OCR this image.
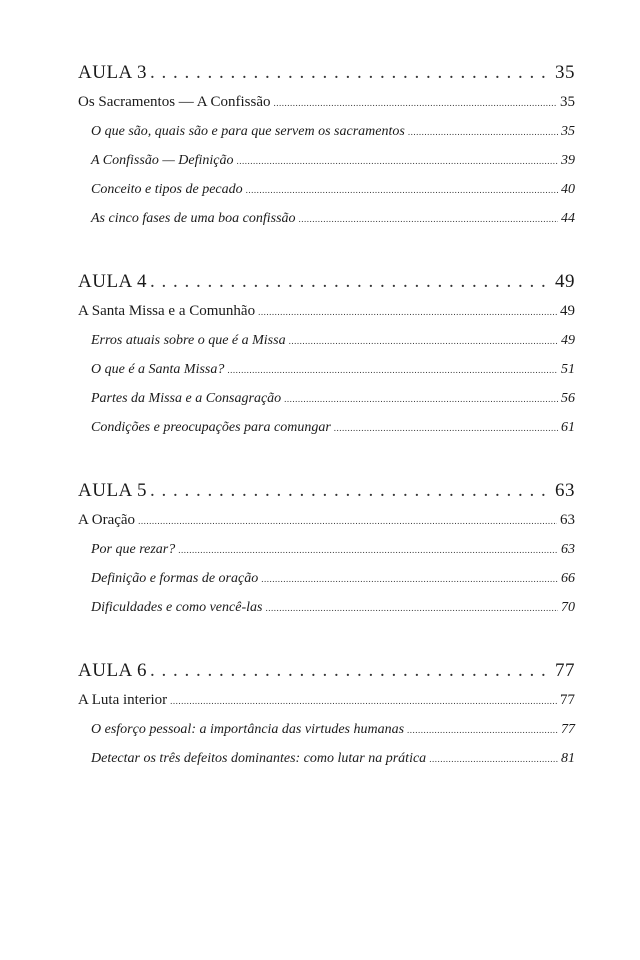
AULA 3 . . .	35
Os Sacramentos — A Confissão .....	35
O que são, quais são e para que servem os sacramentos .....	35
A Confissão — Definição .....	39
Conceito e tipos de pecado .....	40
As cinco fases de uma boa confissão .....	44
AULA 4 . . .	49
A Santa Missa e a Comunhão .....	49
Erros atuais sobre o que é a Missa .....	49
O que é a Santa Missa? .....	51
Partes da Missa e a Consagração .....	56
Condições e preocupações para comungar .....	61
AULA 5 . . .	63
A Oração .....	63
Por que rezar? .....	63
Definição e formas de oração .....	66
Dificuldades e como vencê-las .....	70
AULA 6 . . .	77
A Luta interior .....	77
O esforço pessoal: a importância das virtudes humanas .....	77
Detectar os três defeitos dominantes: como lutar na prática .....	81
